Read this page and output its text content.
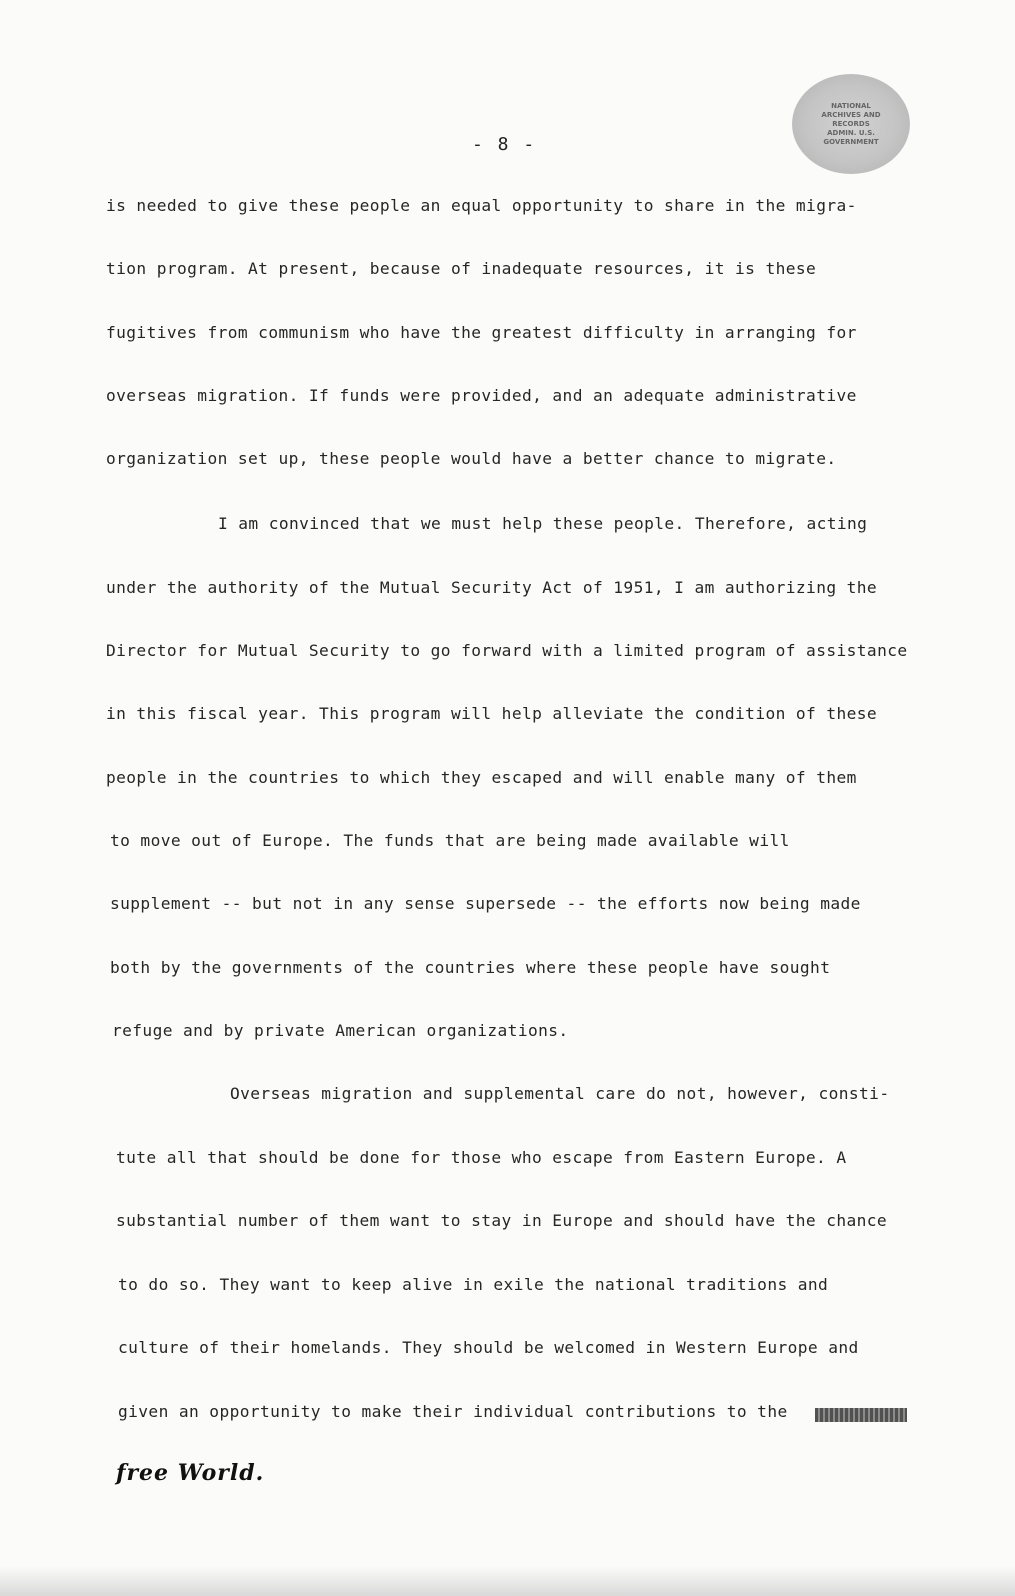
NATIONAL ARCHIVES AND RECORDS ADMIN. U.S. GOVERNMENT
- 8 -
is needed to give these people an equal opportunity to share in the migra-
tion program. At present, because of inadequate resources, it is these
fugitives from communism who have the greatest difficulty in arranging for
overseas migration. If funds were provided, and an adequate administrative
organization set up, these people would have a better chance to migrate.
I am convinced that we must help these people. Therefore, acting
under the authority of the Mutual Security Act of 1951, I am authorizing the
Director for Mutual Security to go forward with a limited program of assistance
in this fiscal year. This program will help alleviate the condition of these
people in the countries to which they escaped and will enable many of them
to move out of Europe. The funds that are being made available will
supplement -- but not in any sense supersede -- the efforts now being made
both by the governments of the countries where these people have sought
refuge and by private American organizations.
Overseas migration and supplemental care do not, however, consti-
tute all that should be done for those who escape from Eastern Europe. A
substantial number of them want to stay in Europe and should have the chance
to do so. They want to keep alive in exile the national traditions and
culture of their homelands. They should be welcomed in Western Europe and
given an opportunity to make their individual contributions to the
free World.
